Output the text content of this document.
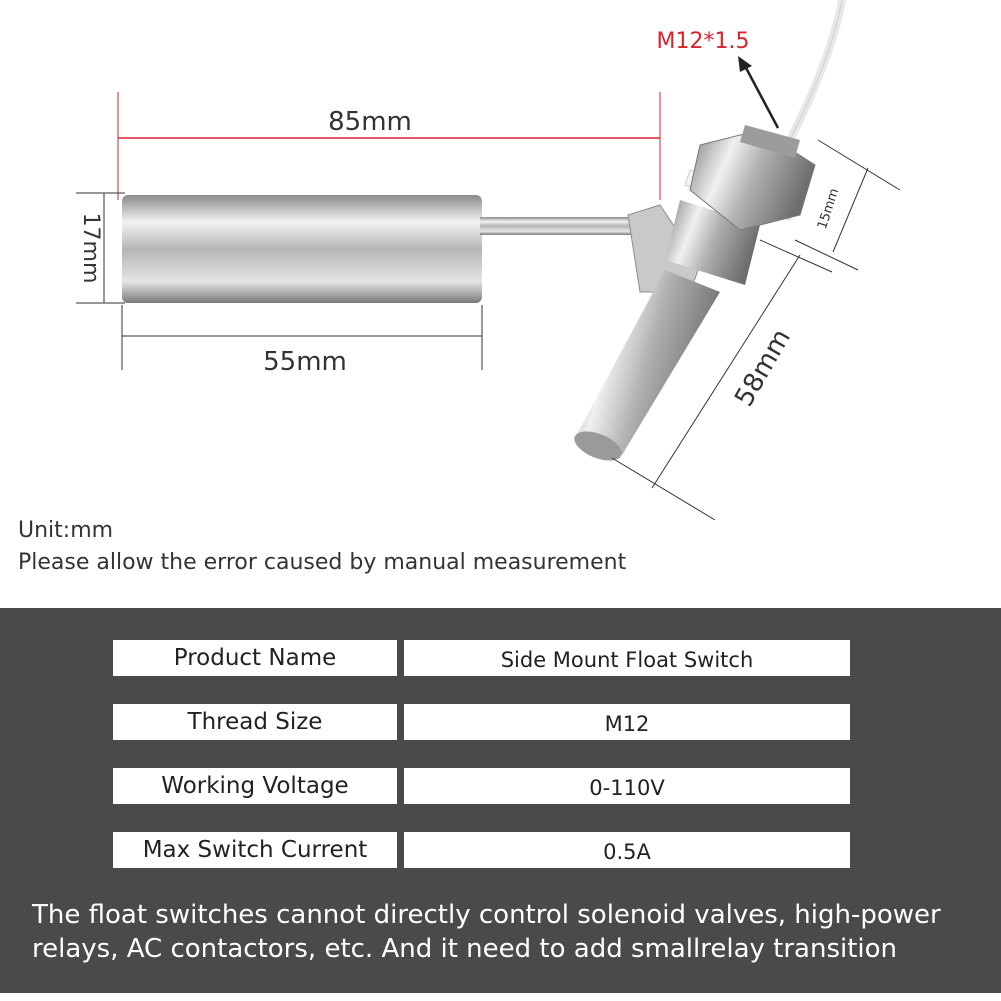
85mm
17mm
55mm
M12*1.5
15mm
58mm
Unit:mm
Please allow the error caused by manual measurement
Product Name	Side Mount Float Switch
Thread Size	M12
Working Voltage	0-110V
Max Switch Current	0.5A
The float switches cannot directly control solenoid valves, high-power relays, AC contactors, etc. And it need to add smallrelay transition
